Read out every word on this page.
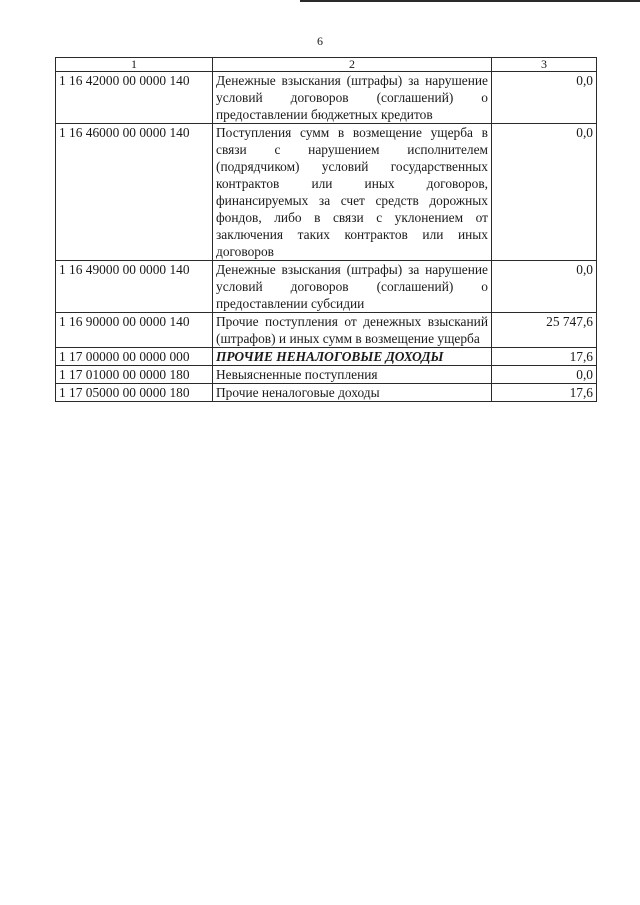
6
1	2	3
1 16 42000 00 0000 140	Денежные взыскания (штрафы) за нарушение условий договоров (соглашений) о предоставлении бюджетных кредитов	0,0
1 16 46000 00 0000 140	Поступления сумм в возмещение ущерба в связи с нарушением исполнителем (подрядчиком) условий государственных контрактов или иных договоров, финансируемых за счет средств дорожных фондов, либо в связи с уклонением от заключения таких контрактов или иных договоров	0,0
1 16 49000 00 0000 140	Денежные взыскания (штрафы) за нарушение условий договоров (соглашений) о предоставлении субсидии	0,0
1 16 90000 00 0000 140	Прочие поступления от денежных взысканий (штрафов) и иных сумм в возмещение ущерба	25 747,6
1 17 00000 00 0000 000	ПРОЧИЕ НЕНАЛОГОВЫЕ ДОХОДЫ	17,6
1 17 01000 00 0000 180	Невыясненные поступления	0,0
1 17 05000 00 0000 180	Прочие неналоговые доходы	17,6
